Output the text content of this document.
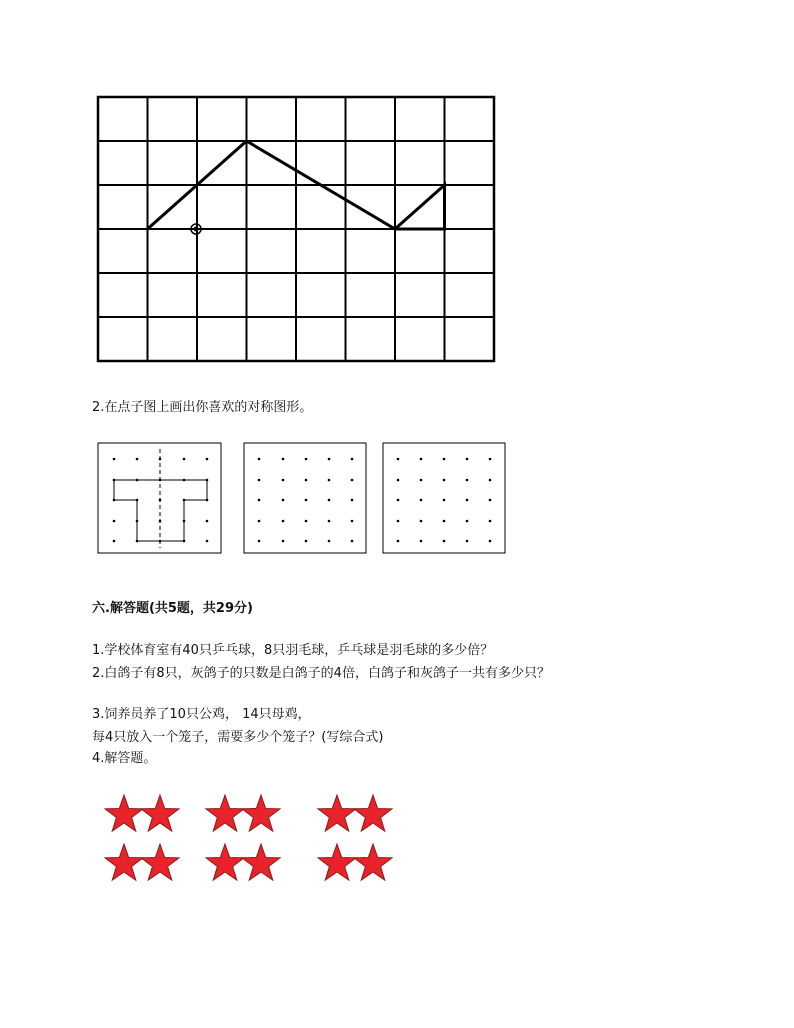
2.在点子图上画出你喜欢的对称图形。
六.解答题(共5题，共29分)
1.学校体育室有40只乒乓球，8只羽毛球，乒乓球是羽毛球的多少倍？
2.白鸽子有8只，灰鸽子的只数是白鸽子的4倍，白鸽子和灰鸽子一共有多少只？
3.饲养员养了10只公鸡， 14只母鸡，
每4只放入一个笼子，需要多少个笼子？(写综合式)
4.解答题。
